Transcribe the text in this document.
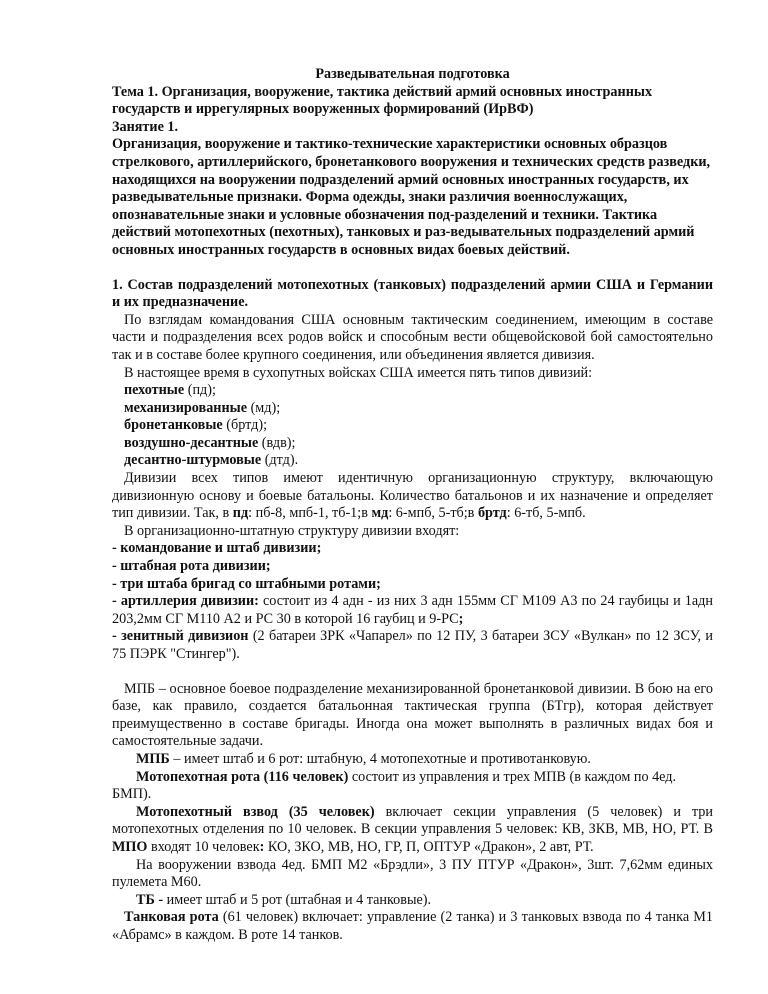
Разведывательная подготовка

Тема 1. Организация, вооружение, тактика действий армий основных иностранных государств и иррегулярных вооруженных формирований (ИрВФ)

Занятие 1.

Организация, вооружение и тактико-технические характеристики основных образцов стрелкового, артиллерийского, бронетанкового вооружения и технических средств разведки, находящихся на вооружении подразделений армий основных иностранных государств, их разведывательные признаки. Форма одежды, знаки различия военнослужащих, опознавательные знаки и условные обозначения под-разделений и техники. Тактика действий мотопехотных (пехотных), танковых и раз-ведывательных подразделений армий основных иностранных государств в основных видах боевых действий.

1. Состав подразделений мотопехотных (танковых) подразделений армии США и Германии и их предназначение.

По взглядам командования США основным тактическим соединением, имеющим в составе части и подразделения всех родов войск и способным вести общевойсковой бой самостоятельно так и в составе более крупного соединения, или объединения является дивизия.

В настоящее время в сухопутных войсках США имеется пять типов дивизий:

пехотные (пд);

механизированные (мд);

бронетанковые (бртд);

воздушно-десантные (вдв);

десантно-штурмовые (дтд).

Дивизии всех типов имеют идентичную организационную структуру, включающую дивизионную основу и боевые батальоны. Количество батальонов и их назначение и определяет тип дивизии. Так, в пд: пб-8, мпб-1, тб-1;в мд: 6-мпб, 5-тб;в бртд: 6-тб, 5-мпб.

В организационно-штатную структуру дивизии входят:

- командование и штаб дивизии;

- штабная рота дивизии;

- три штаба бригад со штабными ротами;

- артиллерия дивизии: состоит из 4 адн - из них 3 адн 155мм СГ М109 А3 по 24 гаубицы и 1адн 203,2мм СГ М110 А2 и РС 30 в которой 16 гаубиц и 9-РС;

- зенитный дивизион (2 батареи ЗРК «Чапарел» по 12 ПУ, 3 батареи ЗСУ «Вулкан» по 12 ЗСУ, и 75 ПЭРК "Стингер").

МПБ – основное боевое подразделение механизированной бронетанковой дивизии. В бою на его базе, как правило, создается батальонная тактическая группа (БТгр), которая действует преимущественно в составе бригады. Иногда она может выполнять в различных видах боя и самостоятельные задачи.

МПБ – имеет штаб и 6 рот: штабную, 4 мотопехотные и противотанковую.

Мотопехотная рота (116 человек) состоит из управления и трех МПВ (в каждом по 4ед. БМП).

Мотопехотный взвод (35 человек) включает секции управления (5 человек) и три мотопехотных отделения по 10 человек. В секции управления 5 человек: КВ, ЗКВ, МВ, НО, РТ. В МПО входят 10 человек: КО, ЗКО, МВ, НО, ГР, П, ОПТУР «Дракон», 2 авт, РТ.

На вооружении взвода 4ед. БМП М2 «Брэдли», 3 ПУ ПТУР «Дракон», 3шт. 7,62мм единых пулемета М60.

ТБ - имеет штаб и 5 рот (штабная и 4 танковые).

Танковая рота (61 человек) включает: управление (2 танка) и 3 танковых взвода по 4 танка М1 «Абрамс» в каждом. В роте 14 танков.
